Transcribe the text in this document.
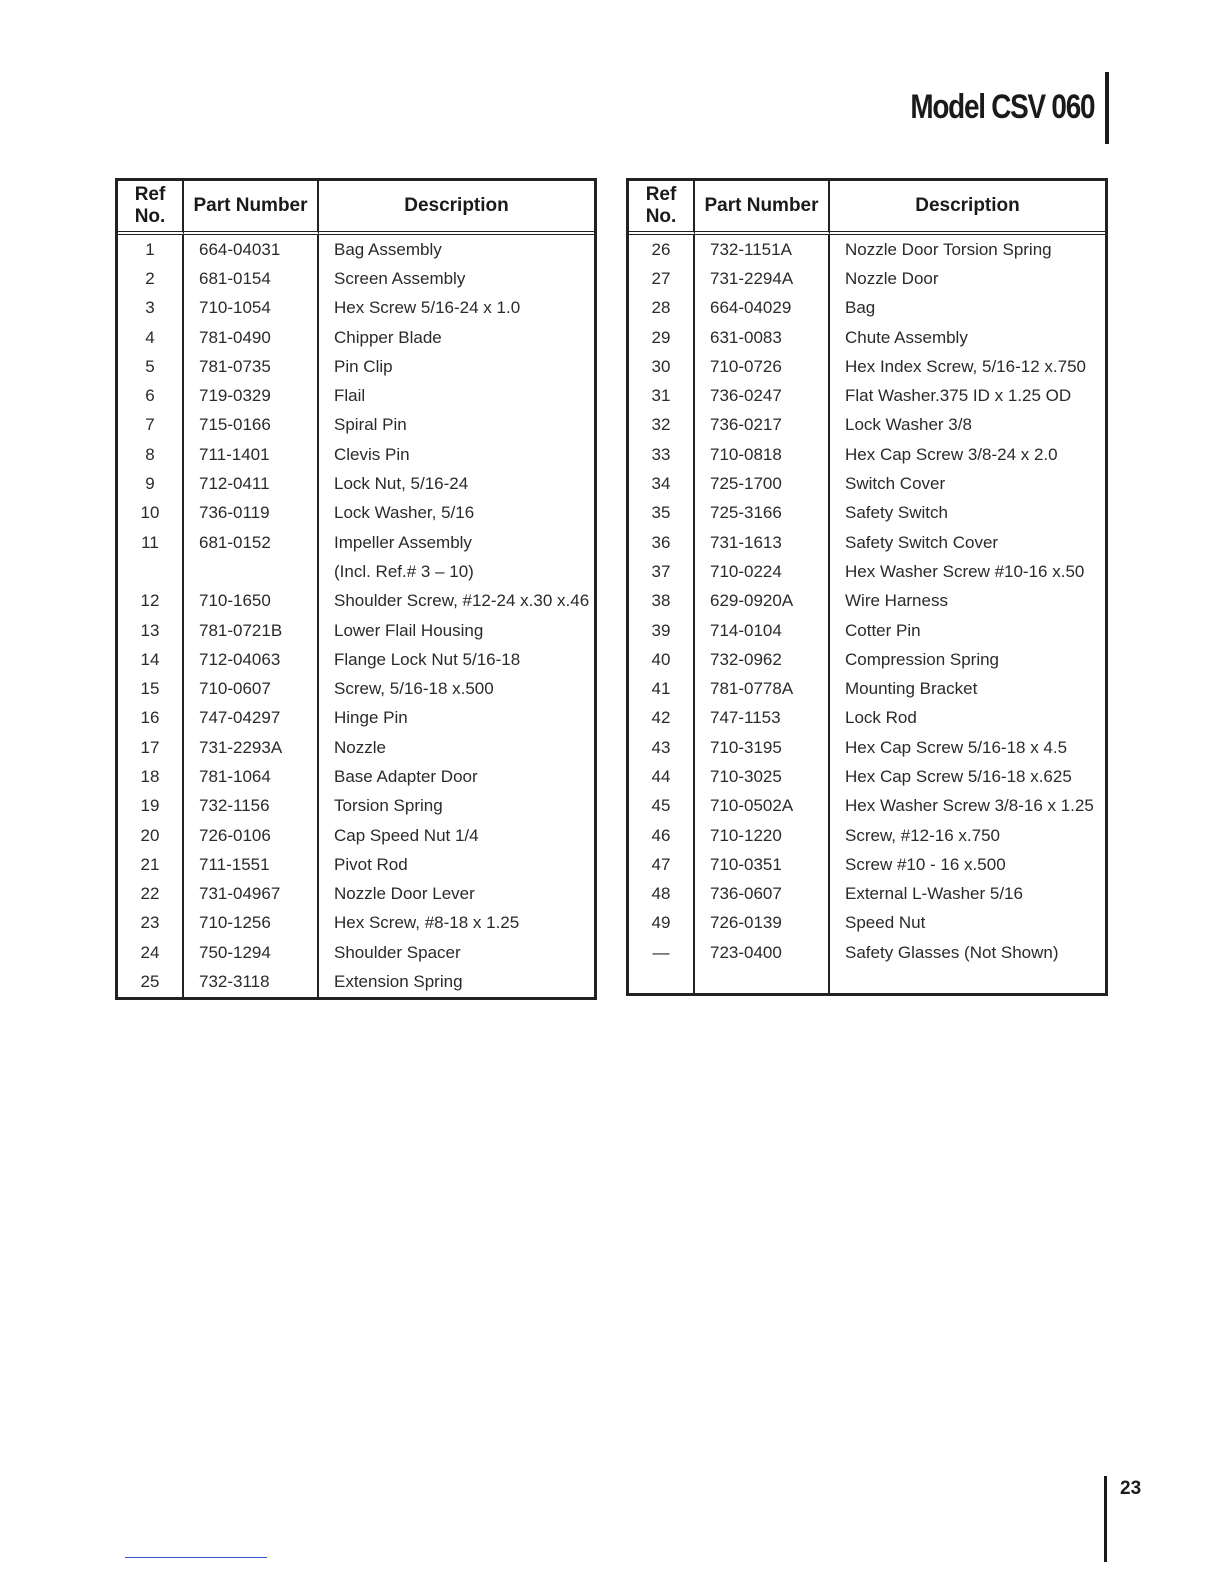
Model CSV 060
Ref
No.	Part Number	Description
1	664-04031	Bag Assembly
2	681-0154	Screen Assembly
3	710-1054	Hex Screw 5/16-24 x 1.0
4	781-0490	Chipper Blade
5	781-0735	Pin Clip
6	719-0329	Flail
7	715-0166	Spiral Pin
8	711-1401	Clevis Pin
9	712-0411	Lock Nut, 5/16-24
10	736-0119	Lock Washer, 5/16
11	681-0152	Impeller Assembly
		(Incl. Ref.# 3 – 10)
12	710-1650	Shoulder Screw, #12-24 x.30 x.46
13	781-0721B	Lower Flail Housing
14	712-04063	Flange Lock Nut 5/16-18
15	710-0607	Screw, 5/16-18 x.500
16	747-04297	Hinge Pin
17	731-2293A	Nozzle
18	781-1064	Base Adapter Door
19	732-1156	Torsion Spring
20	726-0106	Cap Speed Nut 1/4
21	711-1551	Pivot Rod
22	731-04967	Nozzle Door Lever
23	710-1256	Hex Screw, #8-18 x 1.25
24	750-1294	Shoulder Spacer
25	732-3118	Extension Spring
Ref
No.	Part Number	Description
26	732-1151A	Nozzle Door Torsion Spring
27	731-2294A	Nozzle Door
28	664-04029	Bag
29	631-0083	Chute Assembly
30	710-0726	Hex Index Screw, 5/16-12 x.750
31	736-0247	Flat Washer.375 ID x 1.25 OD
32	736-0217	Lock Washer 3/8
33	710-0818	Hex Cap Screw 3/8-24 x 2.0
34	725-1700	Switch Cover
35	725-3166	Safety Switch
36	731-1613	Safety Switch Cover
37	710-0224	Hex Washer Screw #10-16 x.50
38	629-0920A	Wire Harness
39	714-0104	Cotter Pin
40	732-0962	Compression Spring
41	781-0778A	Mounting Bracket
42	747-1153	Lock Rod
43	710-3195	Hex Cap Screw 5/16-18 x 4.5
44	710-3025	Hex Cap Screw 5/16-18 x.625
45	710-0502A	Hex Washer Screw 3/8-16 x 1.25
46	710-1220	Screw, #12-16 x.750
47	710-0351	Screw #10 - 16 x.500
48	736-0607	External L-Washer 5/16
49	726-0139	Speed Nut
—	723-0400	Safety Glasses (Not Shown)

23
